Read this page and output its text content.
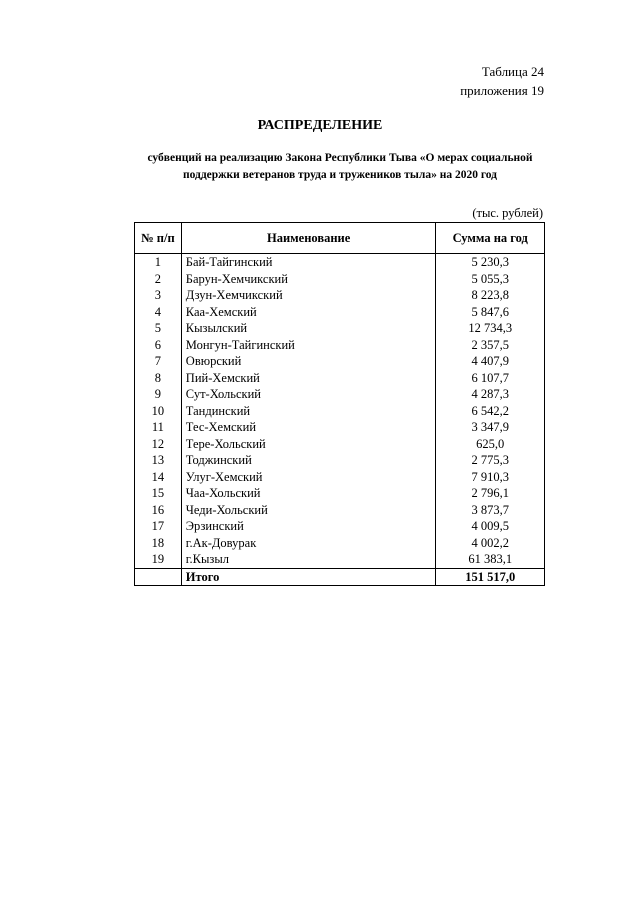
Таблица 24
приложения 19
РАСПРЕДЕЛЕНИЕ
субвенций на реализацию Закона Республики Тыва «О мерах социальной
поддержки ветеранов труда и тружеников тыла» на 2020 год
(тыс. рублей)
№ п/п	Наименование	Сумма на год
1	Бай-Тайгинский	5 230,3
2	Барун-Хемчикский	5 055,3
3	Дзун-Хемчикский	8 223,8
4	Каа-Хемский	5 847,6
5	Кызылский	12 734,3
6	Монгун-Тайгинский	2 357,5
7	Овюрский	4 407,9
8	Пий-Хемский	6 107,7
9	Сут-Хольский	4 287,3
10	Тандинский	6 542,2
11	Тес-Хемский	3 347,9
12	Тере-Хольский	625,0
13	Тоджинский	2 775,3
14	Улуг-Хемский	7 910,3
15	Чаа-Хольский	2 796,1
16	Чеди-Хольский	3 873,7
17	Эрзинский	4 009,5
18	г.Ак-Довурак	4 002,2
19	г.Кызыл	61 383,1
	Итого	151 517,0
